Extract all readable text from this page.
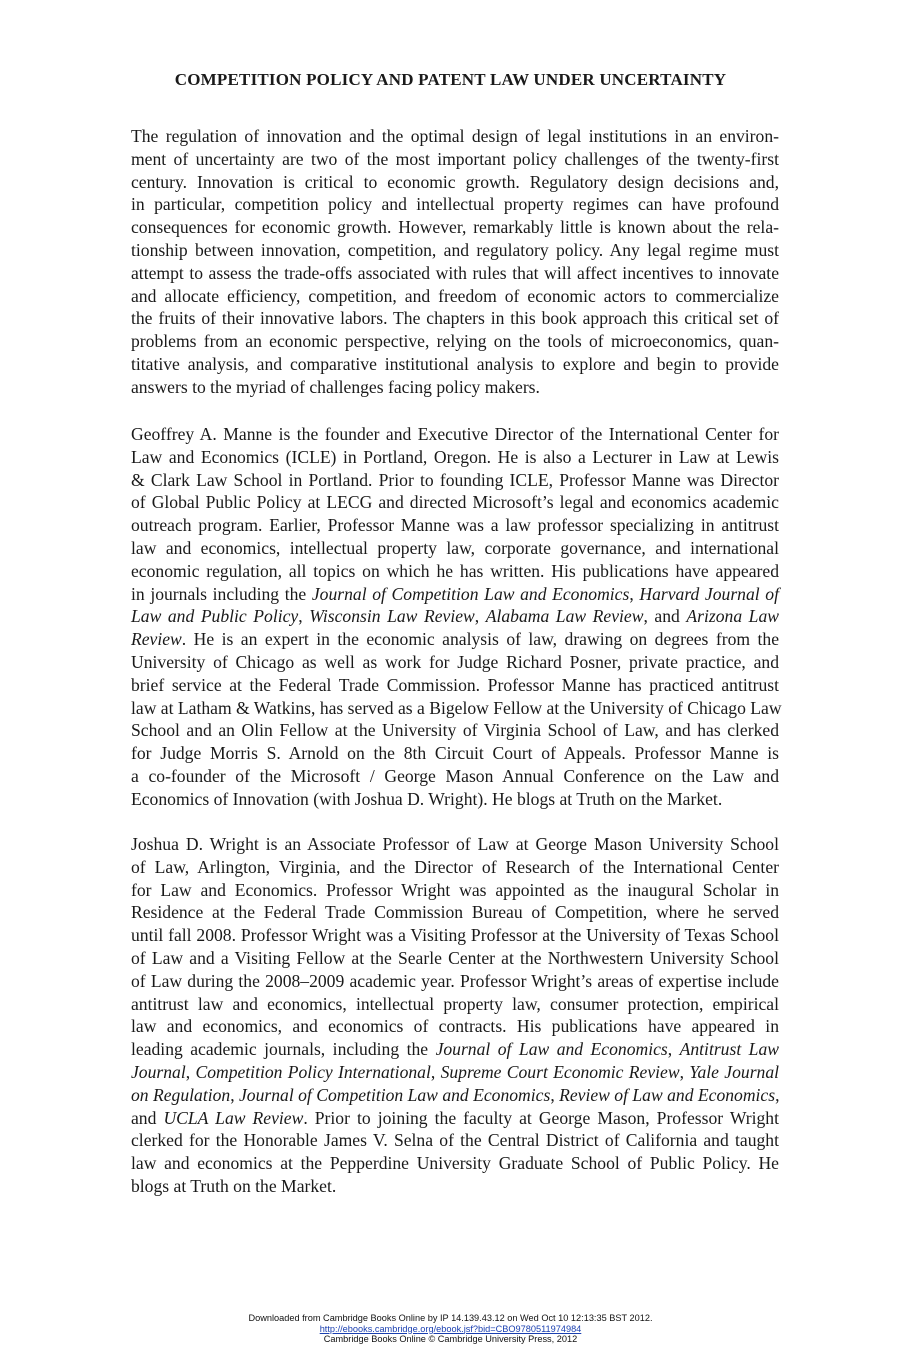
COMPETITION POLICY AND PATENT LAW UNDER UNCERTAINTY
The regulation of innovation and the optimal design of legal institutions in an environ-
ment of uncertainty are two of the most important policy challenges of the twenty-first
century. Innovation is critical to economic growth. Regulatory design decisions and,
in particular, competition policy and intellectual property regimes can have profound
consequences for economic growth. However, remarkably little is known about the rela-
tionship between innovation, competition, and regulatory policy. Any legal regime must
attempt to assess the trade-offs associated with rules that will affect incentives to innovate
and allocate efficiency, competition, and freedom of economic actors to commercialize
the fruits of their innovative labors. The chapters in this book approach this critical set of
problems from an economic perspective, relying on the tools of microeconomics, quan-
titative analysis, and comparative institutional analysis to explore and begin to provide
answers to the myriad of challenges facing policy makers.
Geoffrey A. Manne is the founder and Executive Director of the International Center for
Law and Economics (ICLE) in Portland, Oregon. He is also a Lecturer in Law at Lewis
& Clark Law School in Portland. Prior to founding ICLE, Professor Manne was Director
of Global Public Policy at LECG and directed Microsoft’s legal and economics academic
outreach program. Earlier, Professor Manne was a law professor specializing in antitrust
law and economics, intellectual property law, corporate governance, and international
economic regulation, all topics on which he has written. His publications have appeared
in journals including the Journal of Competition Law and Economics, Harvard Journal of
Law and Public Policy, Wisconsin Law Review, Alabama Law Review, and Arizona Law
Review. He is an expert in the economic analysis of law, drawing on degrees from the
University of Chicago as well as work for Judge Richard Posner, private practice, and
brief service at the Federal Trade Commission. Professor Manne has practiced antitrust
law at Latham & Watkins, has served as a Bigelow Fellow at the University of Chicago Law
School and an Olin Fellow at the University of Virginia School of Law, and has clerked
for Judge Morris S. Arnold on the 8th Circuit Court of Appeals. Professor Manne is
a co-founder of the Microsoft / George Mason Annual Conference on the Law and
Economics of Innovation (with Joshua D. Wright). He blogs at Truth on the Market.
Joshua D. Wright is an Associate Professor of Law at George Mason University School
of Law, Arlington, Virginia, and the Director of Research of the International Center
for Law and Economics. Professor Wright was appointed as the inaugural Scholar in
Residence at the Federal Trade Commission Bureau of Competition, where he served
until fall 2008. Professor Wright was a Visiting Professor at the University of Texas School
of Law and a Visiting Fellow at the Searle Center at the Northwestern University School
of Law during the 2008–2009 academic year. Professor Wright’s areas of expertise include
antitrust law and economics, intellectual property law, consumer protection, empirical
law and economics, and economics of contracts. His publications have appeared in
leading academic journals, including the Journal of Law and Economics, Antitrust Law
Journal, Competition Policy International, Supreme Court Economic Review, Yale Journal
on Regulation, Journal of Competition Law and Economics, Review of Law and Economics,
and UCLA Law Review. Prior to joining the faculty at George Mason, Professor Wright
clerked for the Honorable James V. Selna of the Central District of California and taught
law and economics at the Pepperdine University Graduate School of Public Policy. He
blogs at Truth on the Market.
Downloaded from Cambridge Books Online by IP 14.139.43.12 on Wed Oct 10 12:13:35 BST 2012.
http://ebooks.cambridge.org/ebook.jsf?bid=CBO9780511974984
Cambridge Books Online © Cambridge University Press, 2012
